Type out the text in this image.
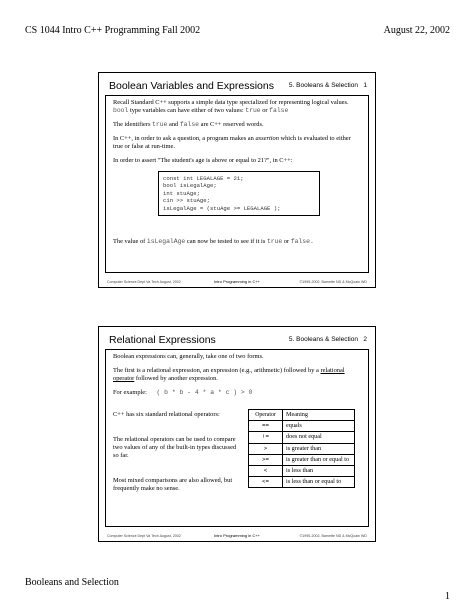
CS 1044 Intro C++ Programming Fall 2002	August 22, 2002
Boolean Variables and Expressions 5. Booleans & Selection 1

Recall Standard C++ supports a simple data type specialized for representing logical values.
bool type variables can have either of two values: true or false

The identifiers true and false are C++ reserved words.

In C++, in order to ask a question, a program makes an assertion which is evaluated to either true or false at run-time.

In order to assert "The student's age is above or equal to 21?", in C++:

const int LEGALAGE = 21;
bool isLegalAge;
int stuAge;
cin >> stuAge;
isLegalAge = (stuAge >= LEGALAGE );

The value of isLegalAge can now be tested to see if it is true or false.

Computer Science Dept Va Tech August, 2002	Intro Programming in C++	©1995-2002, Barnette ND & McQuain WD
Relational Expressions	5. Booleans & Selection 2

Boolean expressions can, generally, take one of two forms.

The first is a relational expression, an expression (e.g., arithmetic) followed by a relational operator followed by another expression.

For example: ( b * b - 4 * a * c ) > 0

C++ has six standard relational operators:
The relational operators can be used to compare two values of any of the built-in types discussed so far.
Most mixed comparisons are also allowed, but frequently make no sense.
Operator	Meaning
==	equals
!=	does not equal
>	is greater than
>=	is greater than or equal to
<	is less than
<=	is less than or equal to
Computer Science Dept Va Tech August, 2002	Intro Programming in C++	©1995-2002, Barnette ND & McQuain WD
Booleans and Selection
1
